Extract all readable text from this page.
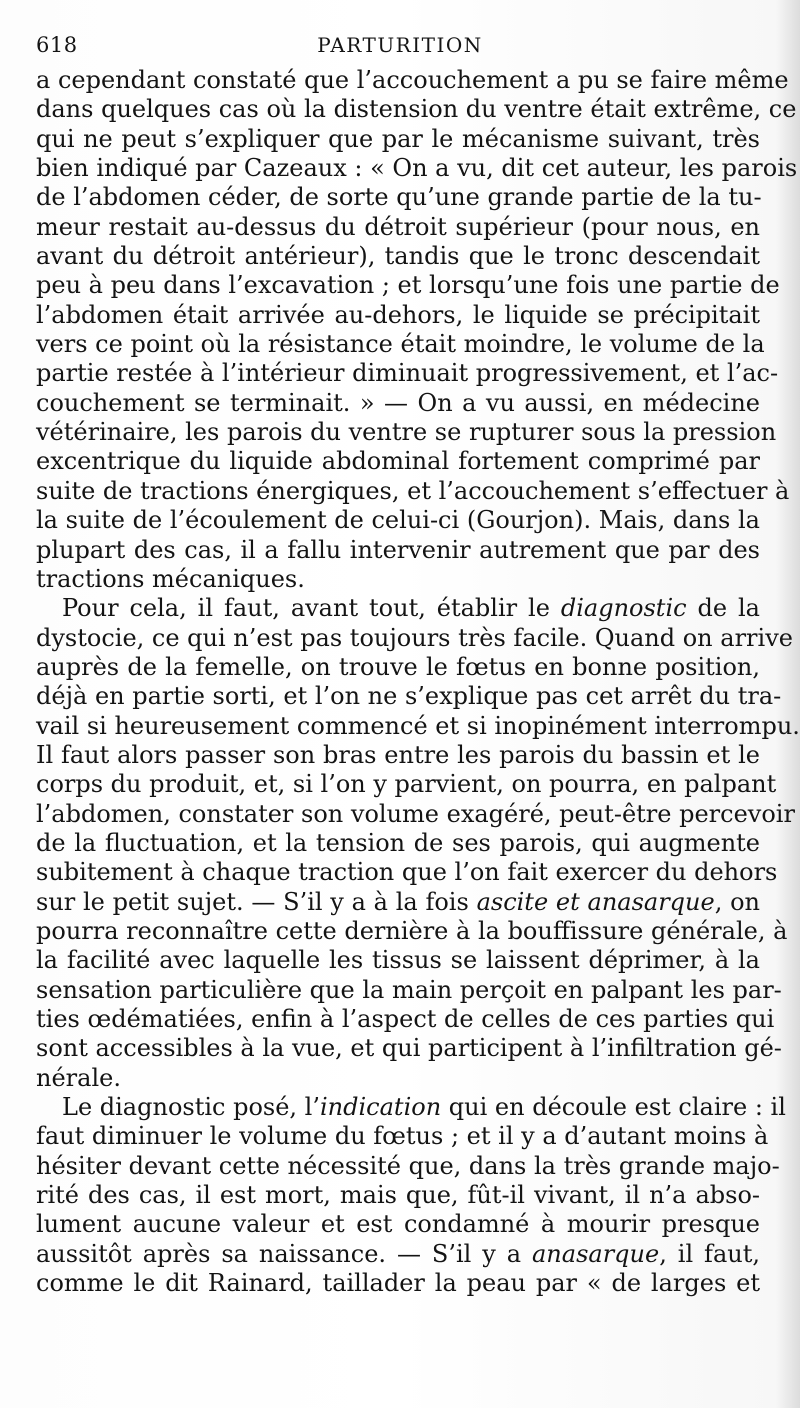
618	PARTURITION
a cependant constaté que l’accouchement a pu se faire même
dans quelques cas où la distension du ventre était extrême, ce
qui ne peut s’expliquer que par le mécanisme suivant, très
bien indiqué par Cazeaux : « On a vu, dit cet auteur, les parois
de l’abdomen céder, de sorte qu’une grande partie de la tu-
meur restait au-dessus du détroit supérieur (pour nous, en
avant du détroit antérieur), tandis que le tronc descendait
peu à peu dans l’excavation ; et lorsqu’une fois une partie de
l’abdomen était arrivée au-dehors, le liquide se précipitait
vers ce point où la résistance était moindre, le volume de la
partie restée à l’intérieur diminuait progressivement, et l’ac-
couchement se terminait. » — On a vu aussi, en médecine
vétérinaire, les parois du ventre se rupturer sous la pression
excentrique du liquide abdominal fortement comprimé par
suite de tractions énergiques, et l’accouchement s’effectuer à
la suite de l’écoulement de celui-ci (Gourjon). Mais, dans la
plupart des cas, il a fallu intervenir autrement que par des
tractions mécaniques.
Pour cela, il faut, avant tout, établir le diagnostic de la
dystocie, ce qui n’est pas toujours très facile. Quand on arrive
auprès de la femelle, on trouve le fœtus en bonne position,
déjà en partie sorti, et l’on ne s’explique pas cet arrêt du tra-
vail si heureusement commencé et si inopinément interrompu.
Il faut alors passer son bras entre les parois du bassin et le
corps du produit, et, si l’on y parvient, on pourra, en palpant
l’abdomen, constater son volume exagéré, peut-être percevoir
de la fluctuation, et la tension de ses parois, qui augmente
subitement à chaque traction que l’on fait exercer du dehors
sur le petit sujet. — S’il y a à la fois ascite et anasarque, on
pourra reconnaître cette dernière à la bouffissure générale, à
la facilité avec laquelle les tissus se laissent déprimer, à la
sensation particulière que la main perçoit en palpant les par-
ties œdématiées, enfin à l’aspect de celles de ces parties qui
sont accessibles à la vue, et qui participent à l’infiltration gé-
nérale.
Le diagnostic posé, l’indication qui en découle est claire : il
faut diminuer le volume du fœtus ; et il y a d’autant moins à
hésiter devant cette nécessité que, dans la très grande majo-
rité des cas, il est mort, mais que, fût-il vivant, il n’a abso-
lument aucune valeur et est condamné à mourir presque
aussitôt après sa naissance. — S’il y a anasarque, il faut,
comme le dit Rainard, taillader la peau par « de larges et
